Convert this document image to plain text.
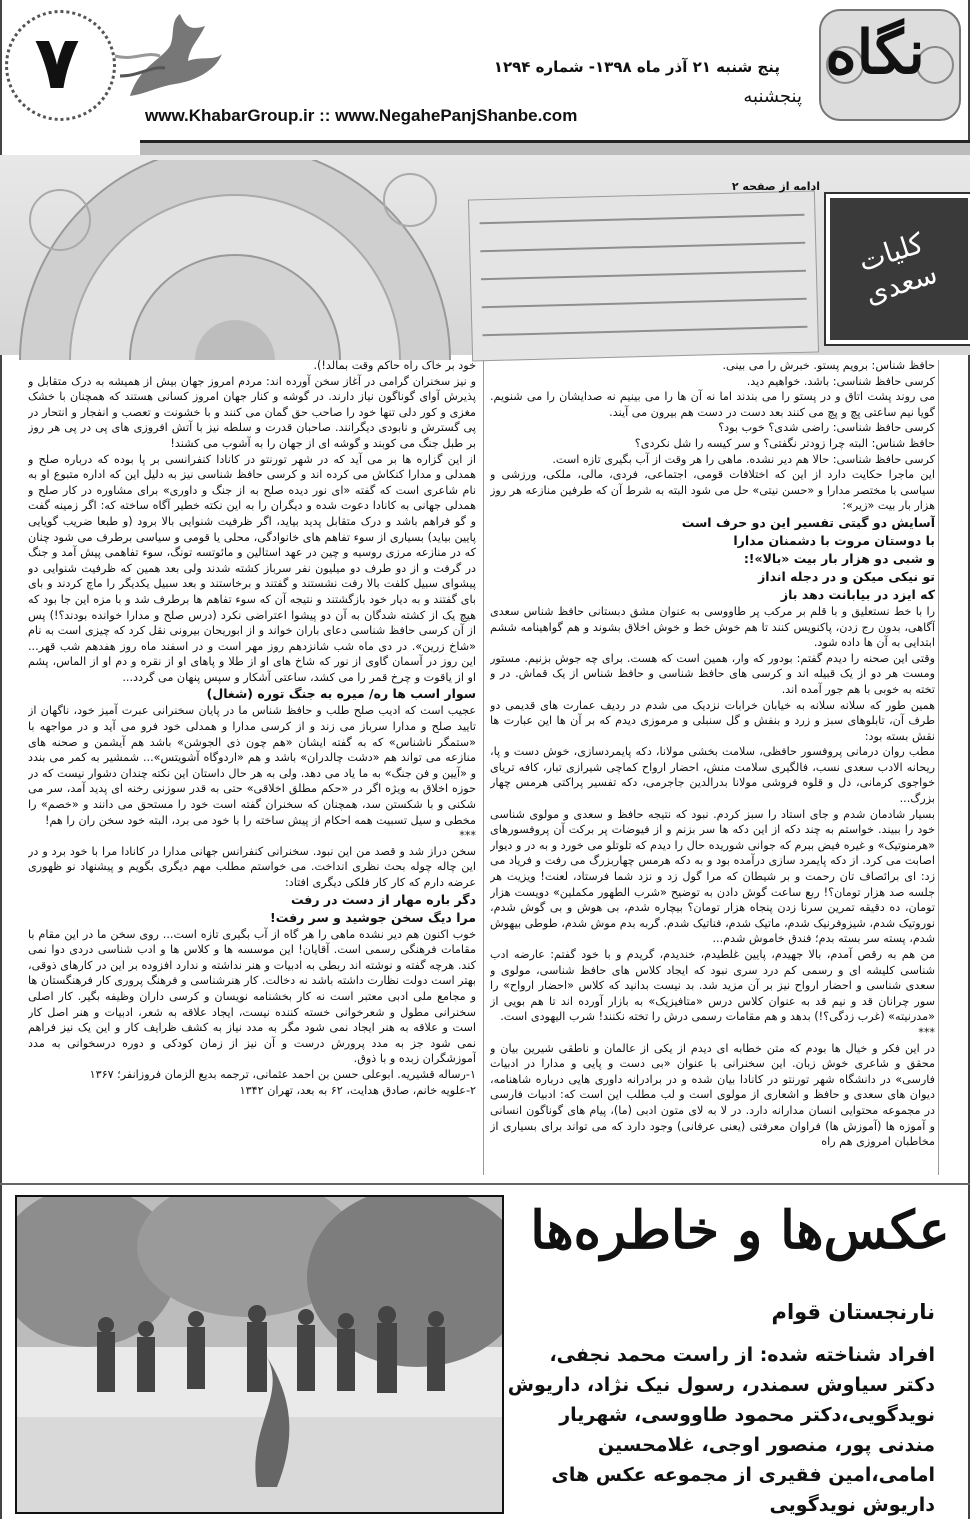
۷	پنج شنبه ۲۱ آذر ماه ۱۳۹۸- شماره ۱۲۹۴
www.KhabarGroup.ir :: www.NegahePanjShanbe.com
نگاه
پنجشنبه
ادامه از صفحه ۲
کلیات سعدی

حافظ شناس: برویم پستو. خبرش را می بینی.

کرسی حافظ شناسی: باشد. خواهیم دید.

می روند پشت اتاق و در پستو را می بندند اما نه آن ها را می بینیم نه صدایشان را می شنویم. گویا نیم ساعتی پچ و پچ می کنند بعد دست در دست هم بیرون می آیند.

کرسی حافظ شناسی: راضی شدی؟ خوب بود؟

حافظ شناس: البته چرا زودتر نگفتی؟ و سر کیسه را شل نکردی؟

کرسی حافظ شناسی: حالا هم دیر نشده. ماهی را هر وقت از آب بگیری تازه است.

این ماجرا حکایت دارد از این که اختلافات قومی، اجتماعی، فردی، مالی، ملکی، ورزشی و سیاسی با مختصر مدارا و «حسن نیتی» حل می شود البته به شرط آن که طرفین منازعه هر روز هزار بار بیت «زیر»:

آسایش دو گیتی تفسیر این دو حرف است

با دوستان مروت با دشمنان مدارا

و شبی دو هزار بار بیت «بالا»!:

تو نیکی میکن و در دجله انداز

که ایزد در بیابانت دهد باز

را با خط نستعلیق و با قلم بر مرکب پر طاووسی به عنوان مشق دبستانی حافظ شناس سعدی آگاهی، بدون رج زدن، پاکنویس کنند تا هم خوش خط و خوش اخلاق بشوند و هم گواهینامه ششم ابتدایی به آن ها داده شود.

وقتی این صحنه را دیدم گفتم: بودور که وار، همین است که هست. برای چه جوش بزنیم. مستور ومست هر دو از یک قبیله اند و کرسی های حافظ شناسی و حافظ شناس از یک قماش. در و تخته به خوبی با هم جور آمده اند.

همین طور که سلانه سلانه به خیابان خرابات نزدیک می شدم در ردیف عمارت های قدیمی دو طرف آن، تابلوهای سبز و زرد و بنفش و گل سنبلی و مرموزی دیدم که بر آن ها این عبارت ها نقش بسته بود:

مطب روان درمانی پروفسور حافظی، سلامت بخشی مولانا، دکه پایمردسازی، خوش دست و پا، ریحانه الادب سعدی نسب، فالگیری سلامت منش، احضار ارواح کماچی شیرازی تبار، کافه تریای خواجوی کرمانی، دل و قلوه فروشی مولانا بدرالدین جاجرمی، دکه تفسیر پراکتی هرمس چهار بزرگ...

بسیار شادمان شدم و جای استاد را سبز کردم. نبود که نتیجه حافظ و سعدی و مولوی شناسی خود را ببیند. خواستم به چند دکه از این دکه ها سر بزنم و از فیوضات پر برکت آن پروفسورهای «هرمنوتیک» و غیره فیض ببرم که جوانی شوریده حال را دیدم که تلوتلو می خورد و به در و دیوار اصابت می کرد. از دکه پایمرد سازی درآمده بود و به دکه هرمس چهاربزرگ می رفت و فریاد می زد: ای برائصاف تان رحمت و بر شیطان که مرا گول زد و نزد شما فرستاد، لعنت! ویزیت هر جلسه صد هزار تومان؟! ربع ساعت گوش دادن به توضیح «شرب الطهور مکملین» دویست هزار تومان، ده دقیقه تمرین سرنا زدن پنجاه هزار تومان؟ بیچاره شدم، بی هوش و بی گوش شدم، نوروتیک شدم، شیزوفرنیک شدم، ماتیک شدم، فناتیک شدم. گربه بدم موش شدم، طوطی بیهوش شدم، پسته سر بسته بدم؛ فندق خاموش شدم...

من هم به رقص آمدم، بالا جهیدم، پایین غلطیدم، خندیدم، گریدم و با خود گفتم: عارضه ادب شناسی کلیشه ای و رسمی کم درد سری نبود که ایجاد کلاس های حافظ شناسی، مولوی و سعدی شناسی و احضار ارواح نیز بر آن مزید شد. بد نیست بدانید که کلاس «احضار ارواح» را سور چرانان قد و نیم قد به عنوان کلاس درس «متافیزیک» به بازار آورده اند تا هم بویی از «مدرنیته» (غرب زدگی؟!) بدهد و هم مقامات رسمی درش را تخته نکنند! شرب الیهودی است.

***

در این فکر و خیال ها بودم که متن خطابه ای دیدم از یکی از عالمان و ناطقی شیرین بیان و محقق و شاعری خوش زبان. این سخنرانی با عنوان «بی دست و پایی و مدارا در ادبیات فارسی» در دانشگاه شهر تورنتو در کانادا بیان شده و در برادرانه داوری هایی درباره شاهنامه، دیوان های سعدی و حافظ و اشعاری از مولوی است و لب مطلب این است که: ادبیات فارسی در مجموعه محتوایی انسان مدارانه دارد. در لا به لای متون ادبی (ما)، پیام های گوناگون انسانی و آموزه ها (آموزش ها) فراوان معرفتی (یعنی عرفانی) وجود دارد که می تواند برای بسیاری از مخاطبان امروزی هم راه

خود بر خاک راه حاکم وقت بمالد!).

و نیز سخنران گرامی در آغاز سخن آورده اند: مردم امروز جهان بیش از همیشه به درک متقابل و پذیرش آوای گوناگون نیاز دارند. در گوشه و کنار جهان امروز کسانی هستند که همچنان با خشک مغزی و کور دلی تنها خود را صاحب حق گمان می کنند و با خشونت و تعصب و انفجار و انتحار در پی گسترش و نابودی دیگرانند. صاحبان قدرت و سلطه نیز با آتش افروزی های پی در پی هر روز بر طبل جنگ می کوبند و گوشه ای از جهان را به آشوب می کشند!

از این گزاره ها بر می آید که در شهر تورنتو در کانادا کنفرانسی بر پا بوده که درباره صلح و همدلی و مدارا کنکاش می کرده اند و کرسی حافظ شناسی نیز به دلیل این که اداره متبوع او به نام شاعری است که گفته «ای نور دیده صلح به از جنگ و داوری» برای مشاوره در کار صلح و همدلی جهانی به کانادا دعوت شده و دیگران را به این نکته خطیر آگاه ساخته که: اگر زمینه گفت و گو فراهم باشد و درک متقابل پدید بیاید، اگر ظرفیت شنوایی بالا برود (و طبعا ضریب گویایی پایین بیاید) بسیاری از سوء تفاهم های خانوادگی، محلی یا قومی و سیاسی برطرف می شود چنان که در منازعه مرزی روسیه و چین در عهد استالین و مائوتسه تونگ، سوء تفاهمی پیش آمد و جنگ در گرفت و از دو طرف دو میلیون نفر سرباز کشته شدند ولی بعد همین که ظرفیت شنوایی دو پیشوای سبیل کلفت بالا رفت نشستند و گفتند و برخاستند و بعد سبیل یکدیگر را ماچ کردند و بای بای گفتند و به دیار خود بازگشتند و نتیجه آن که سوء تفاهم ها برطرف شد و با مزه این جا بود که هیچ یک از کشته شدگان به آن دو پیشوا اعتراضی نکرد (درس صلح و مدارا خوانده بودند؟!) پس از آن کرسی حافظ شناسی دعای باران خواند و از ابوریحان بیرونی نقل کرد که چیزی است به نام «شاخ زرین». در دی ماه شب شانزدهم روز مهر است و در اسفند ماه روز هفدهم شب قهر... این روز در آسمان گاوی از نور که شاخ های او از طلا و پاهای او از نقره و دم او از الماس، پشم او از یاقوت و چرخ قمر را می کشد، ساعتی آشکار و سپس پنهان می گردد...

سوار اسب ها ره/ میره به جنگ توره (شغال)

عجیب است که ادیب صلح طلب و حافظ شناس ما در پایان سخنرانی عبرت آمیز خود، ناگهان از تایید صلح و مدارا سرباز می زند و از کرسی مدارا و همدلی خود فرو می آید و در مواجهه با «ستمگر ناشناس» که به گفته ایشان «هم چون ذی الجوشن» باشد هم آیشمن و صحنه های منازعه می تواند هم «دشت چالدران» باشد و هم «اردوگاه آشویتس»... شمشیر به کمر می بندد و «آیین و فن جنگ» به ما یاد می دهد. ولی به هر حال داستان این نکته چندان دشوار نیست که در حوزه اخلاق به ویژه اگر در «حکم مطلق اخلاقی» حتی به قدر سوزنی رخنه ای پدید آمد، سر می شکنی و با شکستن سد، همچنان که سخنران گفته است خود را مستحق می دانند و «خصم» را مخطی و سیل تسبیت همه احکام از پیش ساخته را با خود می برد، البته خود سخن ران را هم!

***

سخن دراز شد و قصد من این نبود. سخنرانی کنفرانس جهانی مدارا در کانادا مرا با خود برد و در این چاله چوله بحث نظری انداخت. می خواستم مطلب مهم دیگری بگویم و پیشنهاد نو ظهوری عرضه دارم که کار کار فلکی دیگری افتاد:

دگر باره مهار از دست در رفت

مرا دیگ سخن جوشید و سر رفت!

خوب اکنون هم دیر نشده ماهی را هر گاه از آب بگیری تازه است... روی سخن ما در این مقام با مقامات فرهنگی رسمی است. آقایان! این موسسه ها و کلاس ها و ادب شناسی دردی دوا نمی کند. هرچه گفته و نوشته اند ربطی به ادبیات و هنر نداشته و ندارد افزوده بر این در کارهای ذوقی، بهتر است دولت نظارت داشته باشد نه دخالت. کار هنرشناسی و فرهنگ پروری کار فرهنگستان ها و مجامع ملی ادبی معتبر است نه کار بخشنامه نویسان و کرسی داران وظیفه بگیر. کار اصلی سخنرانی مطول و شعرخوانی خسته کننده نیست، ایجاد علاقه به شعر، ادبیات و هنر اصل کار است و علاقه به هنر ایجاد نمی شود مگر به مدد نیاز به کشف ظرایف کار و این یک نیز فراهم نمی شود جز به مدد پرورش درست و آن نیز از زمان کودکی و دوره درسخوانی به مدد آموزشگران زبده و با ذوق.

۱-رساله قشیریه. ابوعلی حسن بن احمد عثمانی، ترجمه بدیع الزمان فروزانفر؛ ۱۳۶۷

۲-علویه خانم، صادق هدایت، ۶۲ به بعد، تهران ۱۳۴۲

عکس‌ها و خاطره‌ها
نارنجستان قوام
افراد شناخته شده: از راست محمد نجفی، دکتر سیاوش سمندر، رسول نیک نژاد، داریوش نویدگویی،دکتر محمود طاووسی، شهریار مندنی پور، منصور اوجی، غلامحسین امامی،امین فقیری از مجموعه عکس های داریوش نویدگویی
